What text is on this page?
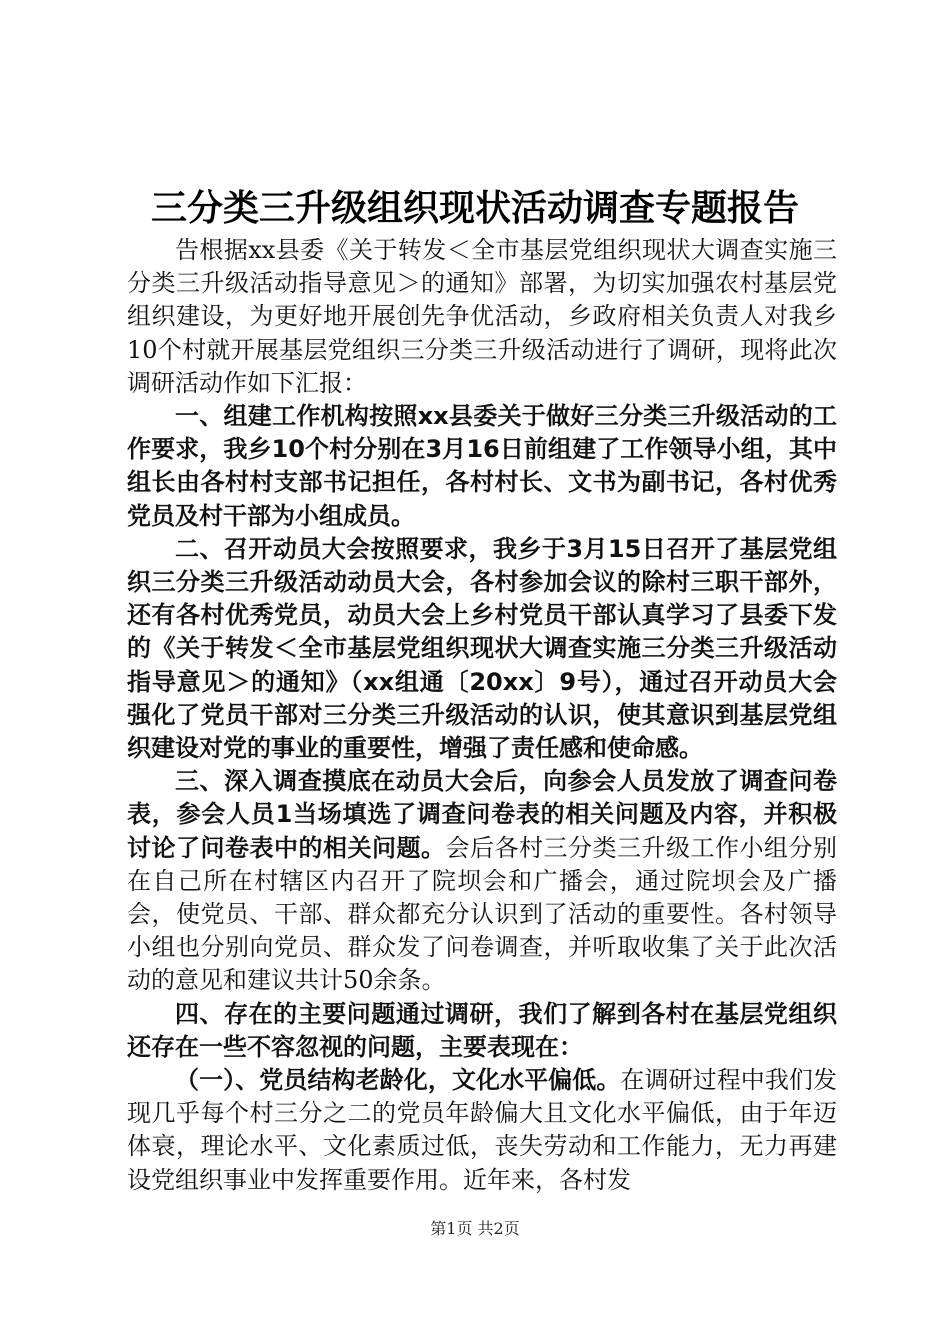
三分类三升级组织现状活动调查专题报告

告根据xx县委《关于转发＜全市基层党组织现状大调查实施三分类三升级活动指导意见＞的通知》部署，为切实加强农村基层党组织建设，为更好地开展创先争优活动，乡政府相关负责人对我乡10个村就开展基层党组织三分类三升级活动进行了调研，现将此次调研活动作如下汇报：

一、组建工作机构按照xx县委关于做好三分类三升级活动的工作要求，我乡10个村分别在3月16日前组建了工作领导小组，其中组长由各村村支部书记担任，各村村长、文书为副书记，各村优秀党员及村干部为小组成员。

二、召开动员大会按照要求，我乡于3月15日召开了基层党组织三分类三升级活动动员大会，各村参加会议的除村三职干部外，还有各村优秀党员，动员大会上乡村党员干部认真学习了县委下发的《关于转发＜全市基层党组织现状大调查实施三分类三升级活动指导意见＞的通知》（xx组通〔20xx〕9号），通过召开动员大会强化了党员干部对三分类三升级活动的认识，使其意识到基层党组织建设对党的事业的重要性，增强了责任感和使命感。

三、深入调查摸底在动员大会后，向参会人员发放了调查问卷表，参会人员1当场填选了调查问卷表的相关问题及内容，并积极讨论了问卷表中的相关问题。会后各村三分类三升级工作小组分别在自己所在村辖区内召开了院坝会和广播会，通过院坝会及广播会，使党员、干部、群众都充分认识到了活动的重要性。各村领导小组也分别向党员、群众发了问卷调查，并听取收集了关于此次活动的意见和建议共计50余条。

四、存在的主要问题通过调研，我们了解到各村在基层党组织还存在一些不容忽视的问题，主要表现在：

（一）、党员结构老龄化，文化水平偏低。在调研过程中我们发现几乎每个村三分之二的党员年龄偏大且文化水平偏低，由于年迈体衰，理论水平、文化素质过低，丧失劳动和工作能力，无力再建设党组织事业中发挥重要作用。近年来，各村发

第1页 共2页
